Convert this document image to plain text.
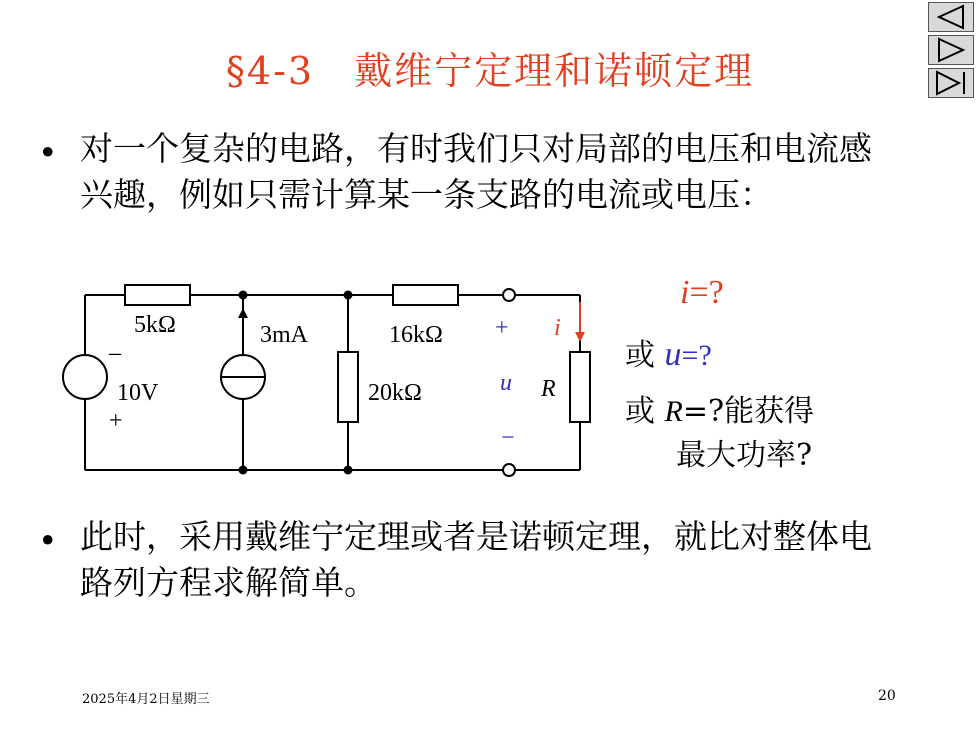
§4-3　戴维宁定理和诺顿定理
• 对一个复杂的电路，有时我们只对局部的电压和电流感兴趣，例如只需计算某一条支路的电流或电压：
5kΩ	3mA	16kΩ + i
10V
_
+
20kΩ	u R
−
i=?
或 u=?
或 R=?能获得
最大功率?
• 此时，采用戴维宁定理或者是诺顿定理，就比对整体电路列方程求解简单。
2025年4月2日星期三	20
